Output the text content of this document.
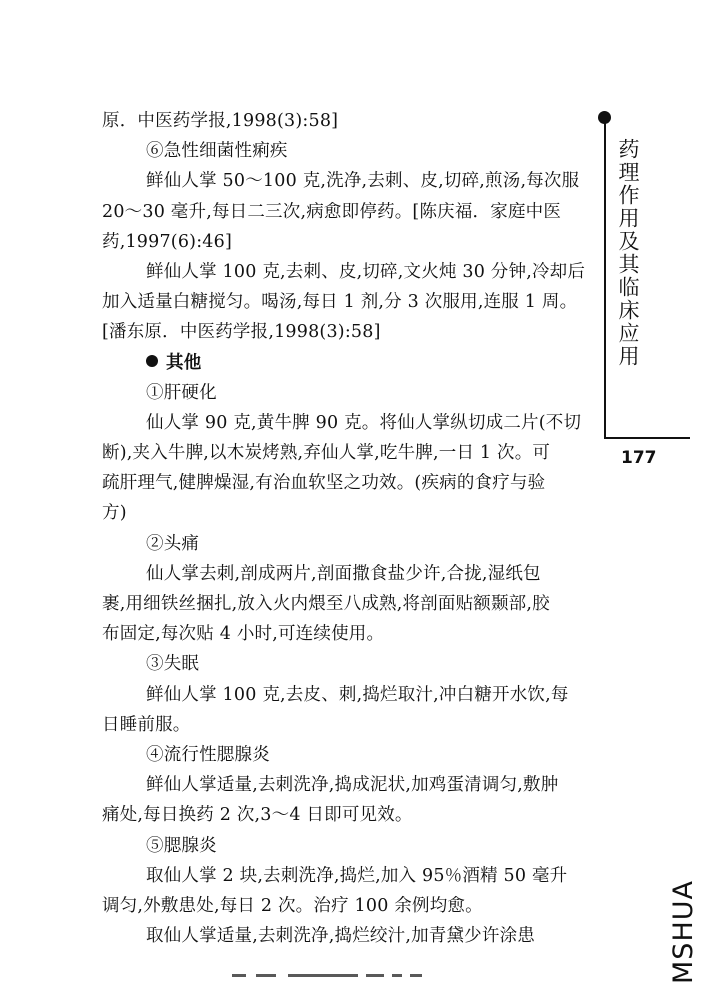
原．中医药学报,1998(3):58]
⑥急性细菌性痢疾
鲜仙人掌 50～100 克,洗净,去刺、皮,切碎,煎汤,每次服
20～30 毫升,每日二三次,病愈即停药。[陈庆福．家庭中医
药,1997(6):46]
鲜仙人掌 100 克,去刺、皮,切碎,文火炖 30 分钟,冷却后
加入适量白糖搅匀。喝汤,每日 1 剂,分 3 次服用,连服 1 周。
[潘东原．中医药学报,1998(3):58]
其他
①肝硬化
仙人掌 90 克,黄牛脾 90 克。将仙人掌纵切成二片(不切
断),夹入牛脾,以木炭烤熟,弃仙人掌,吃牛脾,一日 1 次。可
疏肝理气,健脾燥湿,有治血软坚之功效。(疾病的食疗与验
方)
②头痛
仙人掌去刺,剖成两片,剖面撒食盐少许,合拢,湿纸包
裹,用细铁丝捆扎,放入火内煨至八成熟,将剖面贴额颞部,胶
布固定,每次贴 4 小时,可连续使用。
③失眠
鲜仙人掌 100 克,去皮、刺,捣烂取汁,冲白糖开水饮,每
日睡前服。
④流行性腮腺炎
鲜仙人掌适量,去刺洗净,捣成泥状,加鸡蛋清调匀,敷肿
痛处,每日换药 2 次,3～4 日即可见效。
⑤腮腺炎
取仙人掌 2 块,去刺洗净,捣烂,加入 95％酒精 50 毫升
调匀,外敷患处,每日 2 次。治疗 100 余例均愈。
取仙人掌适量,去刺洗净,捣烂绞汁,加青黛少许涂患
药理作用及其临床应用
177
MSHUA
